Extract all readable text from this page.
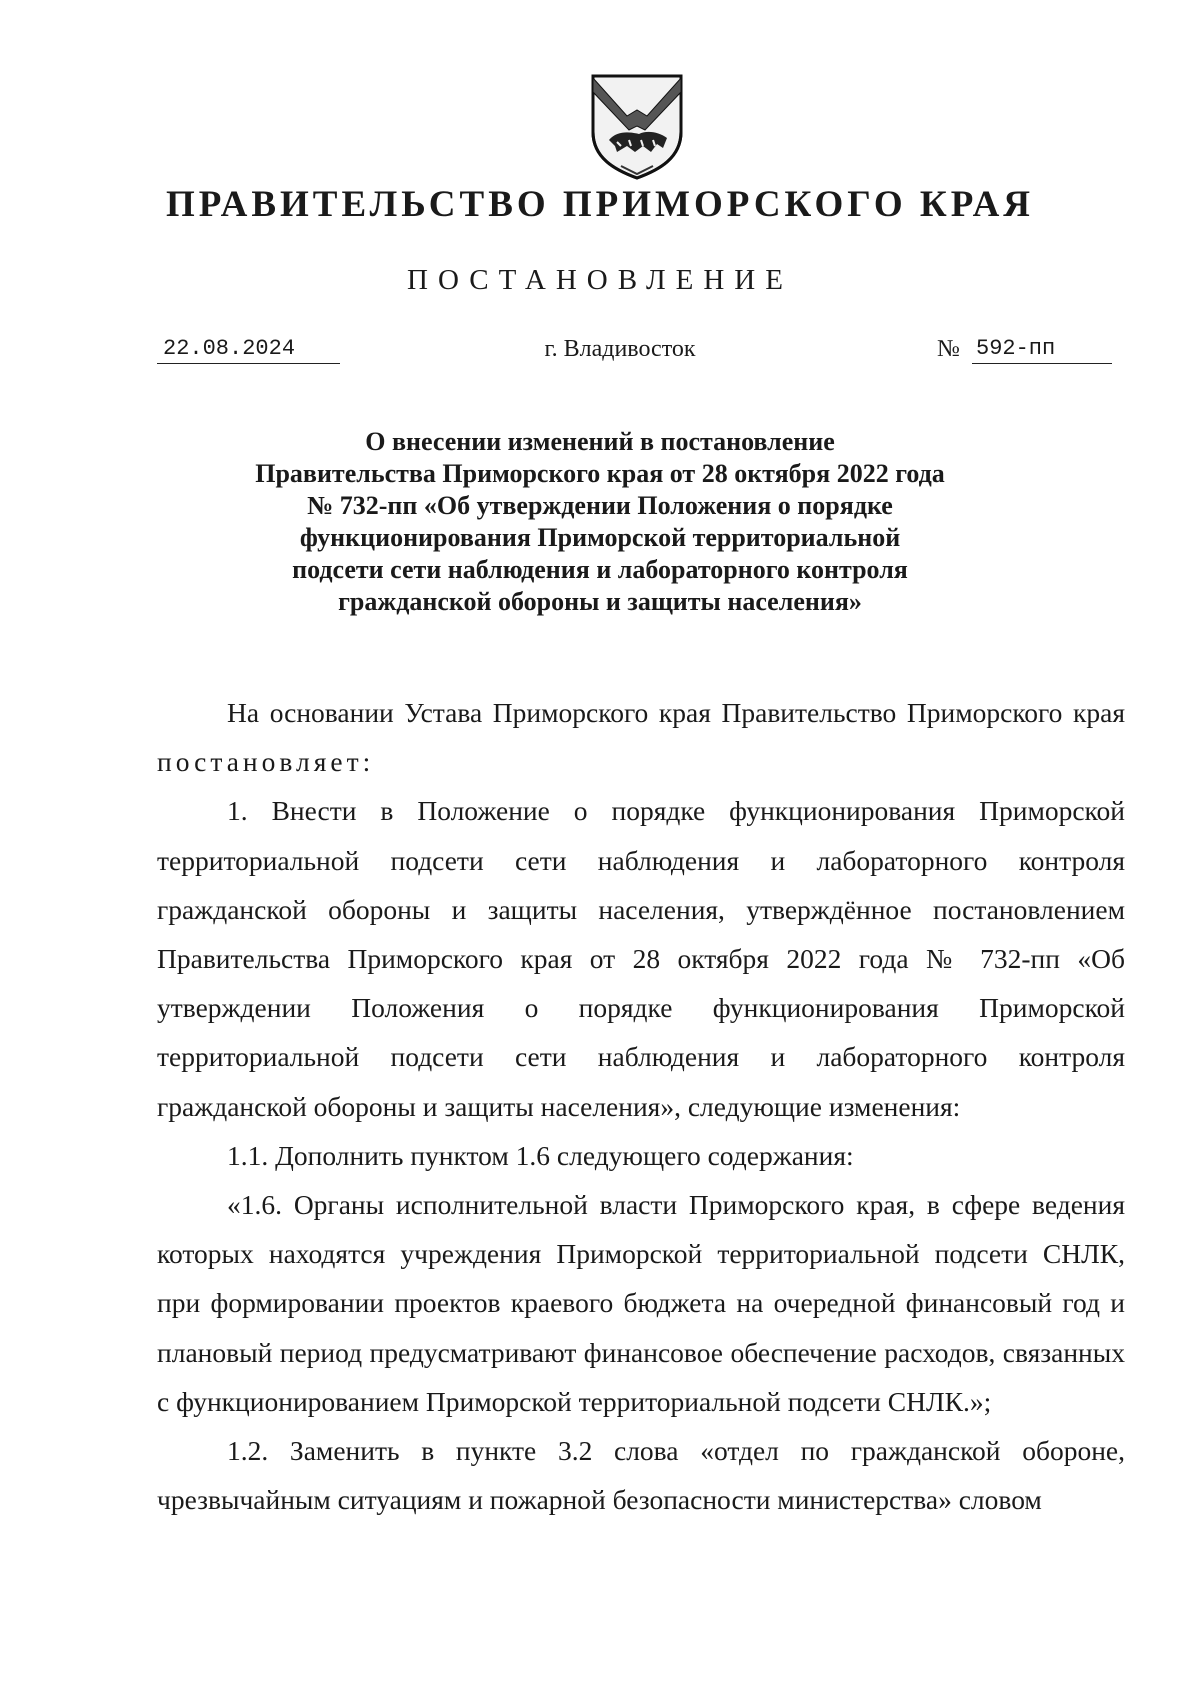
ПРАВИТЕЛЬСТВО ПРИМОРСКОГО КРАЯ
ПОСТАНОВЛЕНИЕ
22.08.2024	г. Владивосток	№ 592-пп
О внесении изменений в постановление
Правительства Приморского края от 28 октября 2022 года
№ 732-пп «Об утверждении Положения о порядке
функционирования Приморской территориальной
подсети сети наблюдения и лабораторного контроля
гражданской обороны и защиты населения»

На основании Устава Приморского края Правительство Приморского края постановляет:

1. Внести в Положение о порядке функционирования Приморской территориальной подсети сети наблюдения и лабораторного контроля гражданской обороны и защиты населения, утверждённое постановлением Правительства Приморского края от 28 октября 2022 года № 732-пп «Об утверждении Положения о порядке функционирования Приморской территориальной подсети сети наблюдения и лабораторного контроля гражданской обороны и защиты населения», следующие изменения:

1.1. Дополнить пунктом 1.6 следующего содержания:

«1.6. Органы исполнительной власти Приморского края, в сфере ведения которых находятся учреждения Приморской территориальной подсети СНЛК, при формировании проектов краевого бюджета на очередной финансовый год и плановый период предусматривают финансовое обеспечение расходов, связанных с функционированием Приморской территориальной подсети СНЛК.»;

1.2. Заменить в пункте 3.2 слова «отдел по гражданской обороне, чрезвычайным ситуациям и пожарной безопасности министерства» словом
